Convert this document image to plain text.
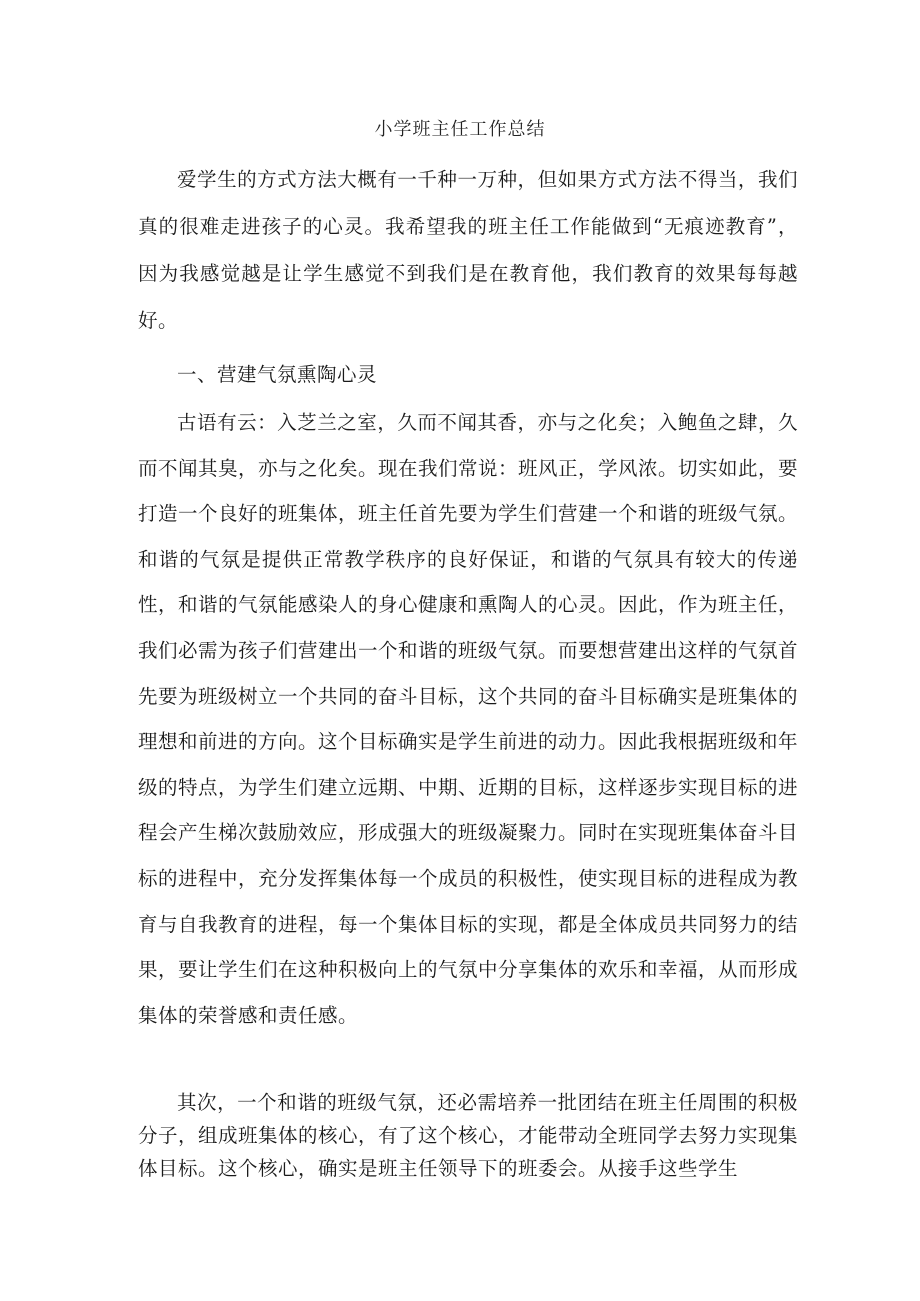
小学班主任工作总结

爱学生的方式方法大概有一千种一万种，但如果方式方法不得当，我们真的很难走进孩子的心灵。我希望我的班主任工作能做到“无痕迹教育”，因为我感觉越是让学生感觉不到我们是在教育他，我们教育的效果每每越好。

一、营建气氛熏陶心灵

古语有云：入芝兰之室，久而不闻其香，亦与之化矣；入鲍鱼之肆，久而不闻其臭，亦与之化矣。现在我们常说：班风正，学风浓。切实如此，要打造一个良好的班集体，班主任首先要为学生们营建一个和谐的班级气氛。和谐的气氛是提供正常教学秩序的良好保证，和谐的气氛具有较大的传递性，和谐的气氛能感染人的身心健康和熏陶人的心灵。因此，作为班主任，我们必需为孩子们营建出一个和谐的班级气氛。而要想营建出这样的气氛首先要为班级树立一个共同的奋斗目标，这个共同的奋斗目标确实是班集体的理想和前进的方向。这个目标确实是学生前进的动力。因此我根据班级和年级的特点，为学生们建立远期、中期、近期的目标，这样逐步实现目标的进程会产生梯次鼓励效应，形成强大的班级凝聚力。同时在实现班集体奋斗目标的进程中，充分发挥集体每一个成员的积极性，使实现目标的进程成为教育与自我教育的进程，每一个集体目标的实现，都是全体成员共同努力的结果，要让学生们在这种积极向上的气氛中分享集体的欢乐和幸福，从而形成集体的荣誉感和责任感。

其次，一个和谐的班级气氛，还必需培养一批团结在班主任周围的积极分子，组成班集体的核心，有了这个核心，才能带动全班同学去努力实现集体目标。这个核心，确实是班主任领导下的班委会。从接手这些学生
